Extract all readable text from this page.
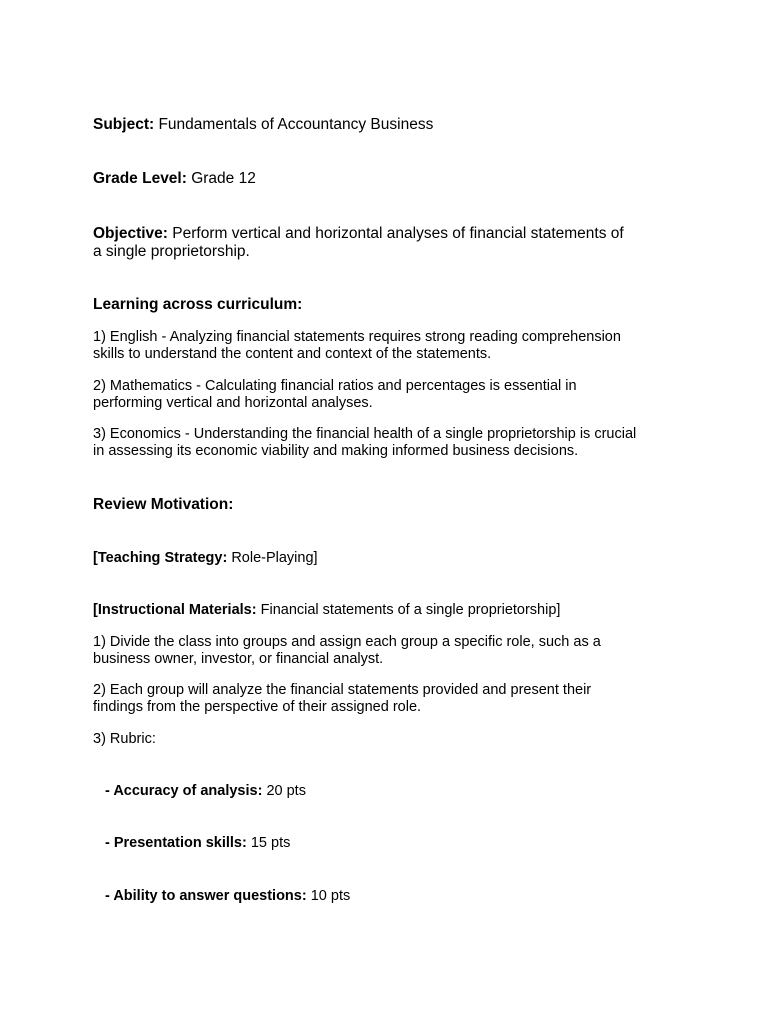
Subject: Fundamentals of Accountancy Business
Grade Level: Grade 12
Objective: Perform vertical and horizontal analyses of financial statements of
a single proprietorship.
Learning across curriculum:
1) English - Analyzing financial statements requires strong reading comprehension
skills to understand the content and context of the statements.
2) Mathematics - Calculating financial ratios and percentages is essential in
performing vertical and horizontal analyses.
3) Economics - Understanding the financial health of a single proprietorship is crucial
in assessing its economic viability and making informed business decisions.
Review Motivation:
[Teaching Strategy: Role-Playing]
[Instructional Materials: Financial statements of a single proprietorship]
1) Divide the class into groups and assign each group a specific role, such as a
business owner, investor, or financial analyst.
2) Each group will analyze the financial statements provided and present their
findings from the perspective of their assigned role.
3) Rubric:
- Accuracy of analysis: 20 pts
- Presentation skills: 15 pts
- Ability to answer questions: 10 pts
